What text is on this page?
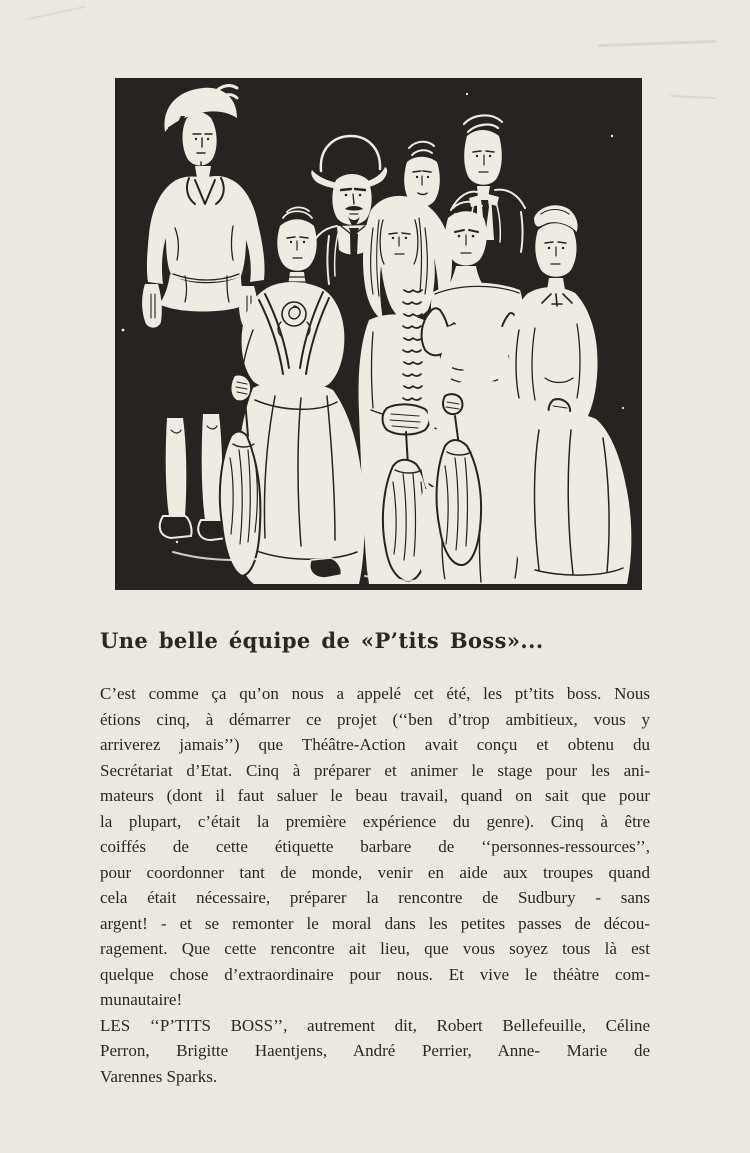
Une belle équipe de «P’tits Boss»...
C’est comme ça qu’on nous a appelé cet été, les pt’tits boss. Nous
étions cinq, à démarrer ce projet (‘‘ben d’trop ambitieux, vous y
arriverez jamais’’) que Théâtre-Action avait conçu et obtenu du
Secrétariat d’Etat. Cinq à préparer et animer le stage pour les ani-
mateurs (dont il faut saluer le beau travail, quand on sait que pour
la plupart, c’était la première expérience du genre). Cinq à être
coiffés de cette étiquette barbare de ‘‘personnes-ressources’’,
pour coordonner tant de monde, venir en aide aux troupes quand
cela était nécessaire, préparer la rencontre de Sudbury - sans
argent! - et se remonter le moral dans les petites passes de décou-
ragement. Que cette rencontre ait lieu, que vous soyez tous là est
quelque chose d’extraordinaire pour nous. Et vive le théàtre com-
munautaire!
LES ‘‘P’TITS BOSS’’, autrement dit, Robert Bellefeuille, Céline
Perron, Brigitte Haentjens, André Perrier, Anne- Marie de
Varennes Sparks.
